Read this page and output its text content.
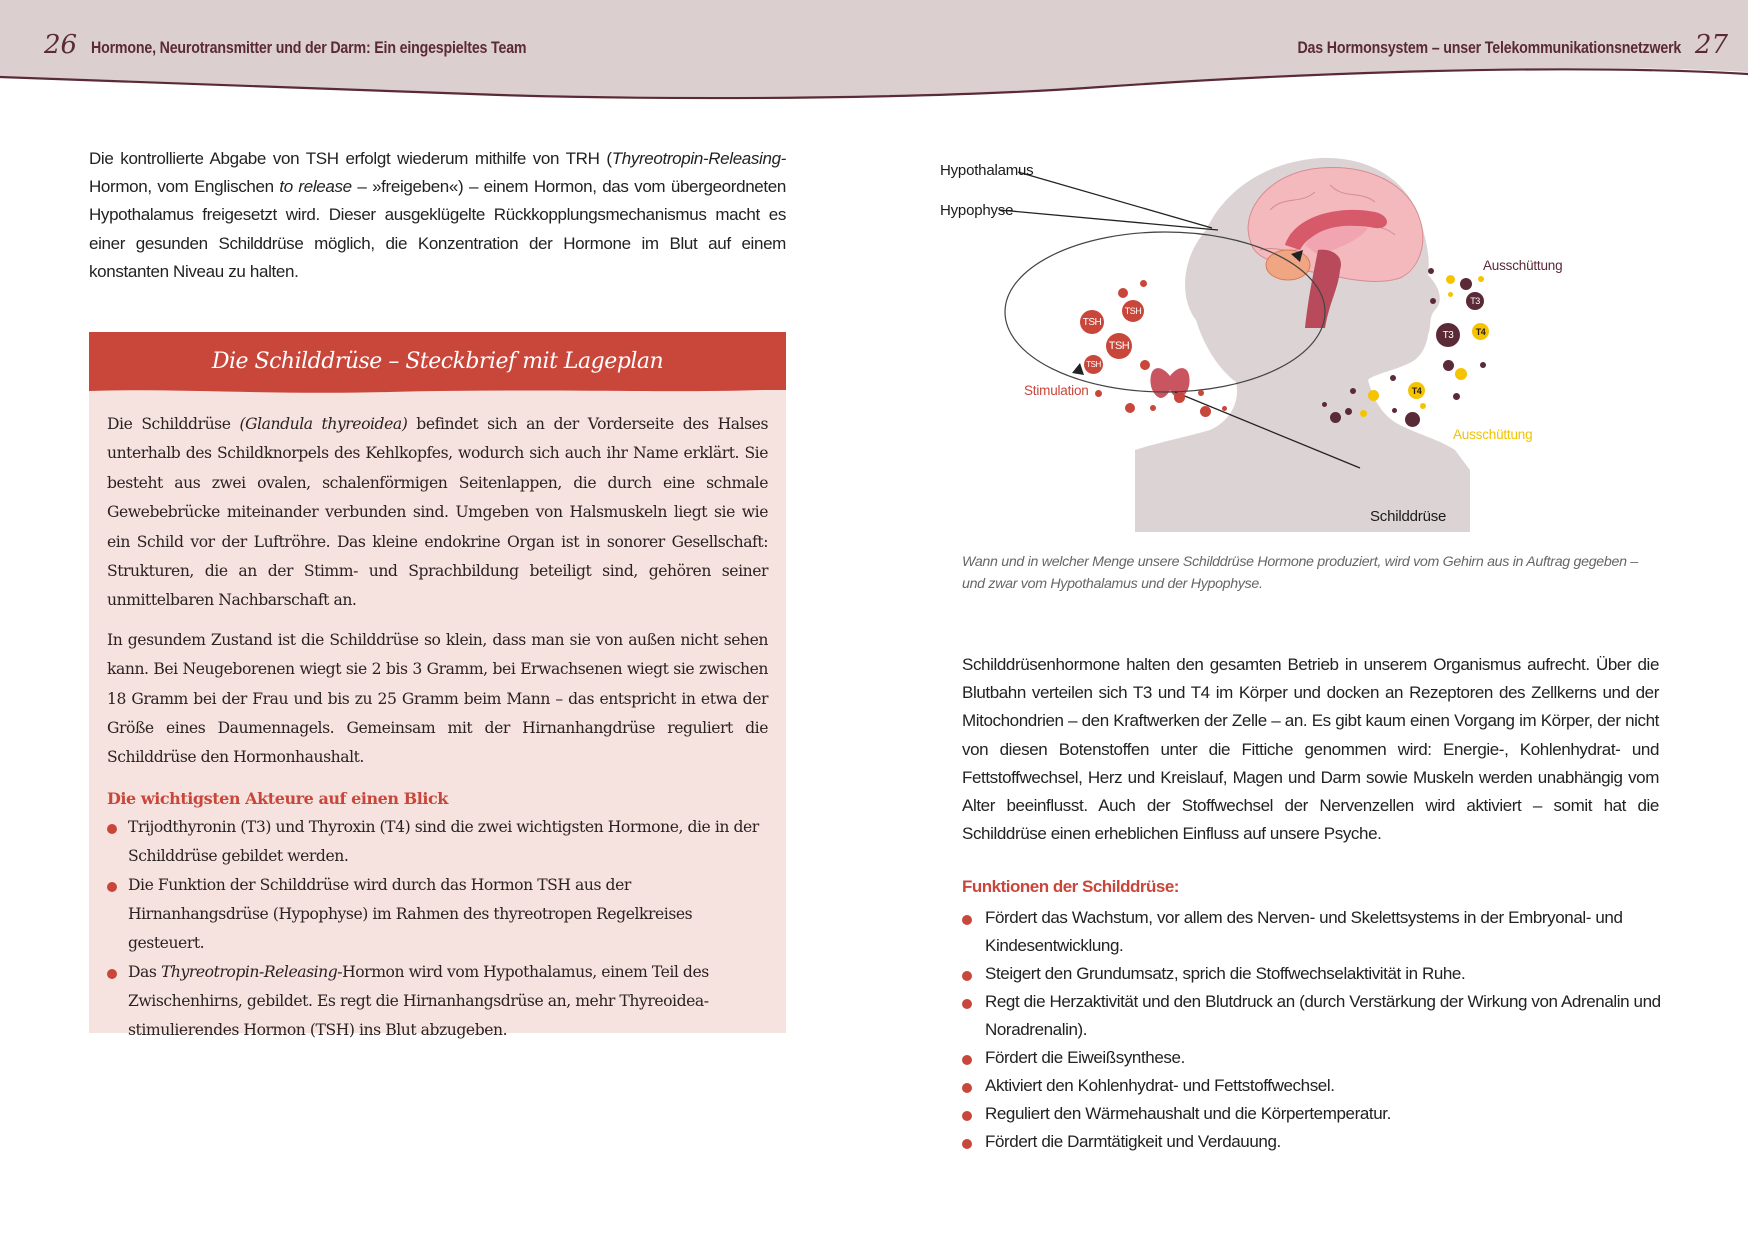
26 Hormone, Neurotransmitter und der Darm: Ein eingespieltes Team	Das Hormonsystem – unser Telekommunikationsnetzwerk 27
Die kontrollierte Abgabe von TSH erfolgt wiederum mithilfe von TRH (Thyreotropin-Releasing-Hormon, vom Englischen to release – »freigeben«) – einem Hormon, das vom übergeordneten Hypothalamus freigesetzt wird. Dieser ausgeklügelte Rückkopplungsmechanismus macht es einer gesunden Schilddrüse möglich, die Konzentration der Hormone im Blut auf einem konstanten Niveau zu halten.
Die Schilddrüse – Steckbrief mit Lageplan

Die Schilddrüse (Glandula thyreoidea) befindet sich an der Vorderseite des Halses unterhalb des Schildknorpels des Kehlkopfes, wodurch sich auch ihr Name erklärt. Sie besteht aus zwei ovalen, schalenförmigen Seitenlappen, die durch eine schmale Gewebebrücke miteinander verbunden sind. Umgeben von Halsmuskeln liegt sie wie ein Schild vor der Luftröhre. Das kleine endokrine Organ ist in sonorer Gesellschaft: Strukturen, die an der Stimm- und Sprachbildung beteiligt sind, gehören seiner unmittelbaren Nachbarschaft an.

In gesundem Zustand ist die Schilddrüse so klein, dass man sie von außen nicht sehen kann. Bei Neugeborenen wiegt sie 2 bis 3 Gramm, bei Erwachsenen wiegt sie zwischen 18 Gramm bei der Frau und bis zu 25 Gramm beim Mann – das entspricht in etwa der Größe eines Daumennagels. Gemeinsam mit der Hirnanhangdrüse reguliert die Schilddrüse den Hormonhaushalt.

Die wichtigsten Akteure auf einen Blick
Trijodthyronin (T3) und Thyroxin (T4) sind die zwei wichtigsten Hormone, die in der Schilddrüse gebildet werden.
Die Funktion der Schilddrüse wird durch das Hormon TSH aus der Hirnanhangsdrüse (Hypophyse) im Rahmen des thyreotropen Regelkreises gesteuert.
Das Thyreotropin-Releasing-Hormon wird vom Hypothalamus, einem Teil des Zwischenhirns, gebildet. Es regt die Hirnanhangsdrüse an, mehr Thyreoidea-stimulierendes Hormon (TSH) ins Blut abzugeben.
Hypothalamus
Hypophyse
Stimulation
Ausschüttung
Ausschüttung
Schilddrüse
TSH
TSH
TSH
TSH
T3
T3
T4
T4
Wann und in welcher Menge unsere Schilddrüse Hormone produziert, wird vom Gehirn aus in Auftrag gegeben – und zwar vom Hypothalamus und der Hypophyse.
Schilddrüsenhormone halten den gesamten Betrieb in unserem Organismus aufrecht. Über die Blutbahn verteilen sich T3 und T4 im Körper und docken an Rezeptoren des Zellkerns und der Mitochondrien – den Kraftwerken der Zelle – an. Es gibt kaum einen Vorgang im Körper, der nicht von diesen Botenstoffen unter die Fittiche genommen wird: Energie-, Kohlenhydrat- und Fettstoffwechsel, Herz und Kreislauf, Magen und Darm sowie Muskeln werden unabhängig vom Alter beeinflusst. Auch der Stoffwechsel der Nervenzellen wird aktiviert – somit hat die Schilddrüse einen erheblichen Einfluss auf unsere Psyche.
Funktionen der Schilddrüse:
Fördert das Wachstum, vor allem des Nerven- und Skelettsystems in der Embryonal- und Kindesentwicklung.
Steigert den Grundumsatz, sprich die Stoffwechselaktivität in Ruhe.
Regt die Herzaktivität und den Blutdruck an (durch Verstärkung der Wirkung von Adrenalin und Noradrenalin).
Fördert die Eiweißsynthese.
Aktiviert den Kohlenhydrat- und Fettstoffwechsel.
Reguliert den Wärmehaushalt und die Körpertemperatur.
Fördert die Darmtätigkeit und Verdauung.
